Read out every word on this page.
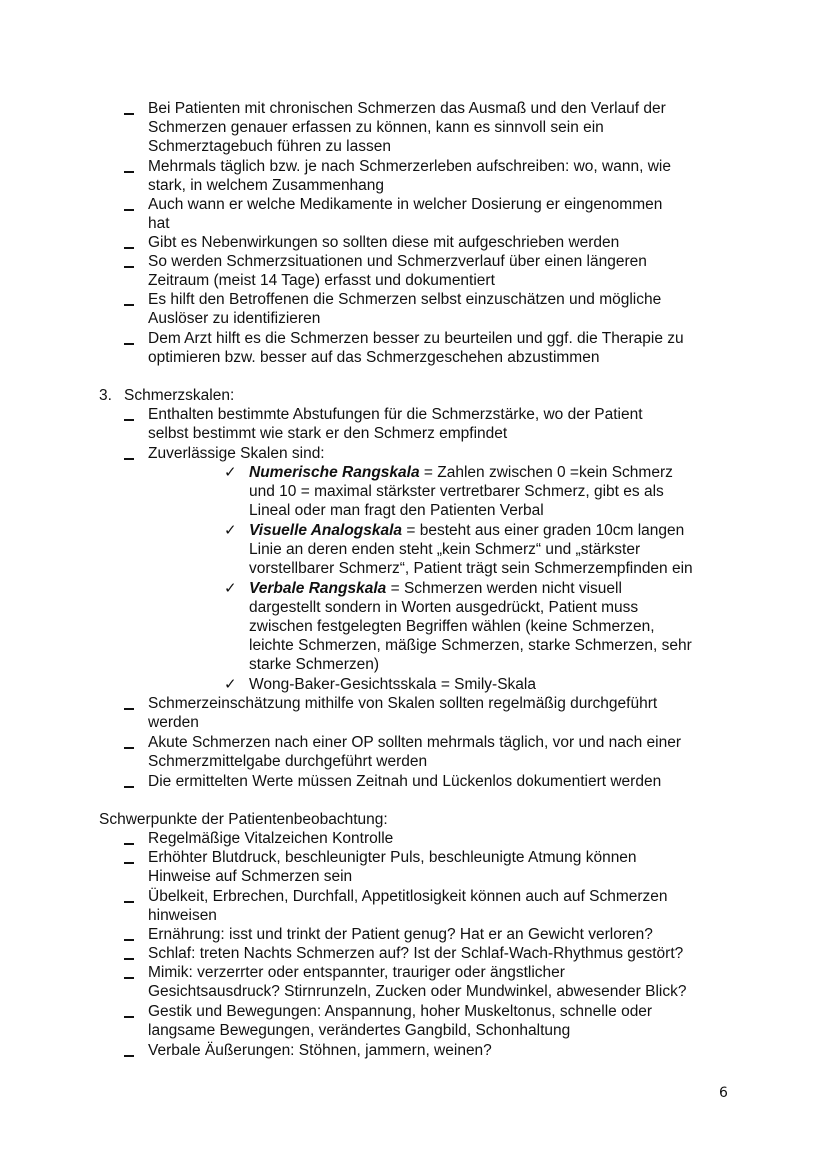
Bei Patienten mit chronischen Schmerzen das Ausmaß und den Verlauf der
Schmerzen genauer erfassen zu können, kann es sinnvoll sein ein
Schmerztagebuch führen zu lassen
Mehrmals täglich bzw. je nach Schmerzerleben aufschreiben: wo, wann, wie
stark, in welchem Zusammenhang
Auch wann er welche Medikamente in welcher Dosierung er eingenommen
hat
Gibt es Nebenwirkungen so sollten diese mit aufgeschrieben werden
So werden Schmerzsituationen und Schmerzverlauf über einen längeren
Zeitraum (meist 14 Tage) erfasst und dokumentiert
Es hilft den Betroffenen die Schmerzen selbst einzuschätzen und mögliche
Auslöser zu identifizieren
Dem Arzt hilft es die Schmerzen besser zu beurteilen und ggf. die Therapie zu
optimieren bzw. besser auf das Schmerzgeschehen abzustimmen
3. Schmerzskalen:
Enthalten bestimmte Abstufungen für die Schmerzstärke, wo der Patient
selbst bestimmt wie stark er den Schmerz empfindet
Zuverlässige Skalen sind:
✓ Numerische Rangskala = Zahlen zwischen 0 =kein Schmerz
und 10 = maximal stärkster vertretbarer Schmerz, gibt es als
Lineal oder man fragt den Patienten Verbal
✓ Visuelle Analogskala = besteht aus einer graden 10cm langen
Linie an deren enden steht „kein Schmerz“ und „stärkster
vorstellbarer Schmerz“, Patient trägt sein Schmerzempfinden ein
✓ Verbale Rangskala = Schmerzen werden nicht visuell
dargestellt sondern in Worten ausgedrückt, Patient muss
zwischen festgelegten Begriffen wählen (keine Schmerzen,
leichte Schmerzen, mäßige Schmerzen, starke Schmerzen, sehr
starke Schmerzen)
✓ Wong-Baker-Gesichtsskala = Smily-Skala
Schmerzeinschätzung mithilfe von Skalen sollten regelmäßig durchgeführt
werden
Akute Schmerzen nach einer OP sollten mehrmals täglich, vor und nach einer
Schmerzmittelgabe durchgeführt werden
Die ermittelten Werte müssen Zeitnah und Lückenlos dokumentiert werden
Schwerpunkte der Patientenbeobachtung:
Regelmäßige Vitalzeichen Kontrolle
Erhöhter Blutdruck, beschleunigter Puls, beschleunigte Atmung können
Hinweise auf Schmerzen sein
Übelkeit, Erbrechen, Durchfall, Appetitlosigkeit können auch auf Schmerzen
hinweisen
Ernährung: isst und trinkt der Patient genug? Hat er an Gewicht verloren?
Schlaf: treten Nachts Schmerzen auf? Ist der Schlaf-Wach-Rhythmus gestört?
Mimik: verzerrter oder entspannter, trauriger oder ängstlicher
Gesichtsausdruck? Stirnrunzeln, Zucken oder Mundwinkel, abwesender Blick?
Gestik und Bewegungen: Anspannung, hoher Muskeltonus, schnelle oder
langsame Bewegungen, verändertes Gangbild, Schonhaltung
Verbale Äußerungen: Stöhnen, jammern, weinen?
6
